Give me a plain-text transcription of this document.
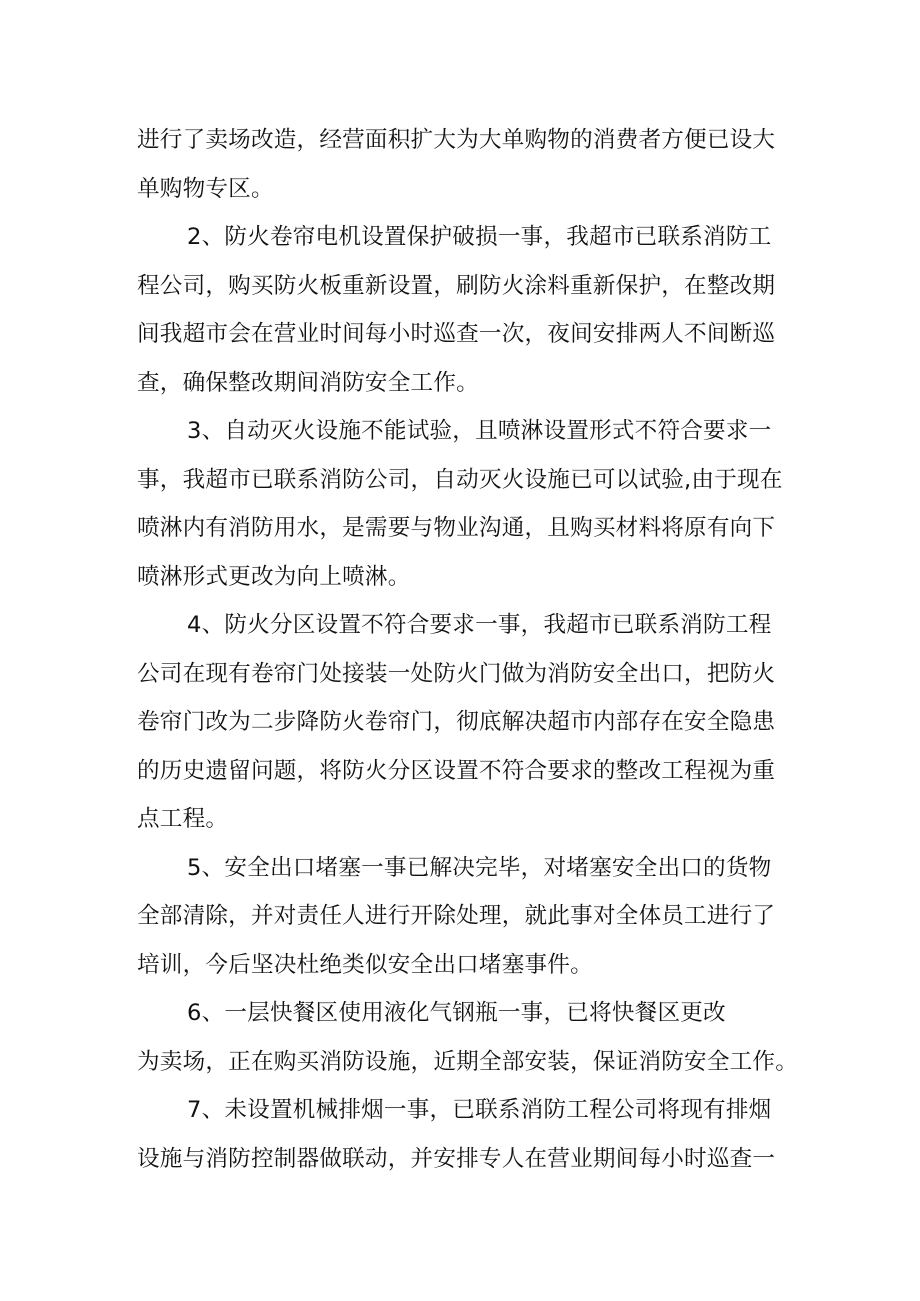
进行了卖场改造，经营面积扩大为大单购物的消费者方便已设大
单购物专区。

2、防火卷帘电机设置保护破损一事，我超市已联系消防工
程公司，购买防火板重新设置，刷防火涂料重新保护，在整改期
间我超市会在营业时间每小时巡查一次，夜间安排两人不间断巡
查，确保整改期间消防安全工作。

3、自动灭火设施不能试验，且喷淋设置形式不符合要求一
事，我超市已联系消防公司，自动灭火设施已可以试验,由于现在
喷淋内有消防用水，是需要与物业沟通，且购买材料将原有向下
喷淋形式更改为向上喷淋。

4、防火分区设置不符合要求一事，我超市已联系消防工程
公司在现有卷帘门处接装一处防火门做为消防安全出口，把防火
卷帘门改为二步降防火卷帘门，彻底解决超市内部存在安全隐患
的历史遗留问题，将防火分区设置不符合要求的整改工程视为重
点工程。

5、安全出口堵塞一事已解决完毕，对堵塞安全出口的货物
全部清除，并对责任人进行开除处理，就此事对全体员工进行了
培训，今后坚决杜绝类似安全出口堵塞事件。

6、一层快餐区使用液化气钢瓶一事，已将快餐区更改
为卖场，正在购买消防设施，近期全部安装，保证消防安全工作。

7、未设置机械排烟一事，已联系消防工程公司将现有排烟
设施与消防控制器做联动，并安排专人在营业期间每小时巡查一
